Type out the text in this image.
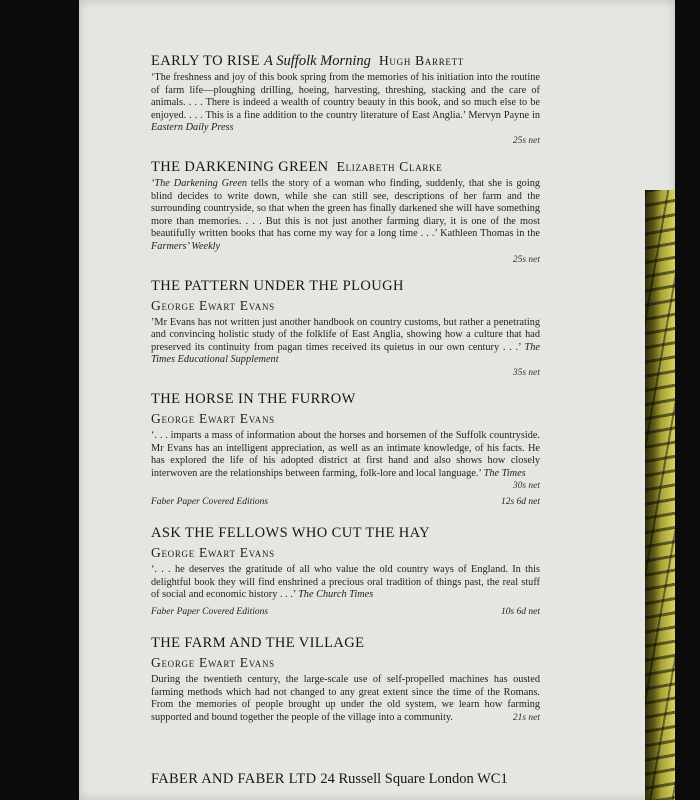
EARLY TO RISE A Suffolk Morning Hugh Barrett
‘The freshness and joy of this book spring from the memories of his initiation into the routine of farm life—ploughing drilling, hoeing, harvesting, threshing, stacking and the care of animals. . . . There is indeed a wealth of country beauty in this book, and so much else to be enjoyed. . . . This is a fine addition to the country literature of East Anglia.’ Mervyn Payne in Eastern Daily Press
25s net
THE DARKENING GREEN Elizabeth Clarke
‘The Darkening Green tells the story of a woman who finding, suddenly, that she is going blind decides to write down, while she can still see, descriptions of her farm and the surrounding countryside, so that when the green has finally darkened she will have something more than memories. . . . But this is not just another farming diary, it is one of the most beautifully written books that has come my way for a long time . . .’ Kathleen Thomas in the Farmers’ Weekly
25s net
THE PATTERN UNDER THE PLOUGH
George Ewart Evans
’Mr Evans has not written just another handbook on country customs, but rather a penetrating and convincing holistic study of the folklife of East Anglia, showing how a culture that had preserved its continuity from pagan times received its quietus in our own century . . .’ The Times Educational Supplement
35s net
THE HORSE IN THE FURROW
George Ewart Evans
‘. . . imparts a mass of information about the horses and horsemen of the Suffolk countryside. Mr Evans has an intelligent appreciation, as well as an intimate knowledge, of his facts. He has explored the life of his adopted district at first hand and also shows how closely interwoven are the relationships between farming, folk-lore and local language.’ The Times
30s net
Faber Paper Covered Editions	12s 6d net
ASK THE FELLOWS WHO CUT THE HAY
George Ewart Evans
‘. . . he deserves the gratitude of all who value the old country ways of England. In this delightful book they will find enshrined a precious oral tradition of things past, the real stuff of social and economic history . . .’ The Church Times
Faber Paper Covered Editions	10s 6d net
THE FARM AND THE VILLAGE
George Ewart Evans
During the twentieth century, the large-scale use of self-propelled machines has ousted farming methods which had not changed to any great extent since the time of the Romans. From the memories of people brought up under the old system, we learn how farming supported and bound together the people of the village into a community.	21s net
FABER AND FABER LTD 24 Russell Square London WC1
